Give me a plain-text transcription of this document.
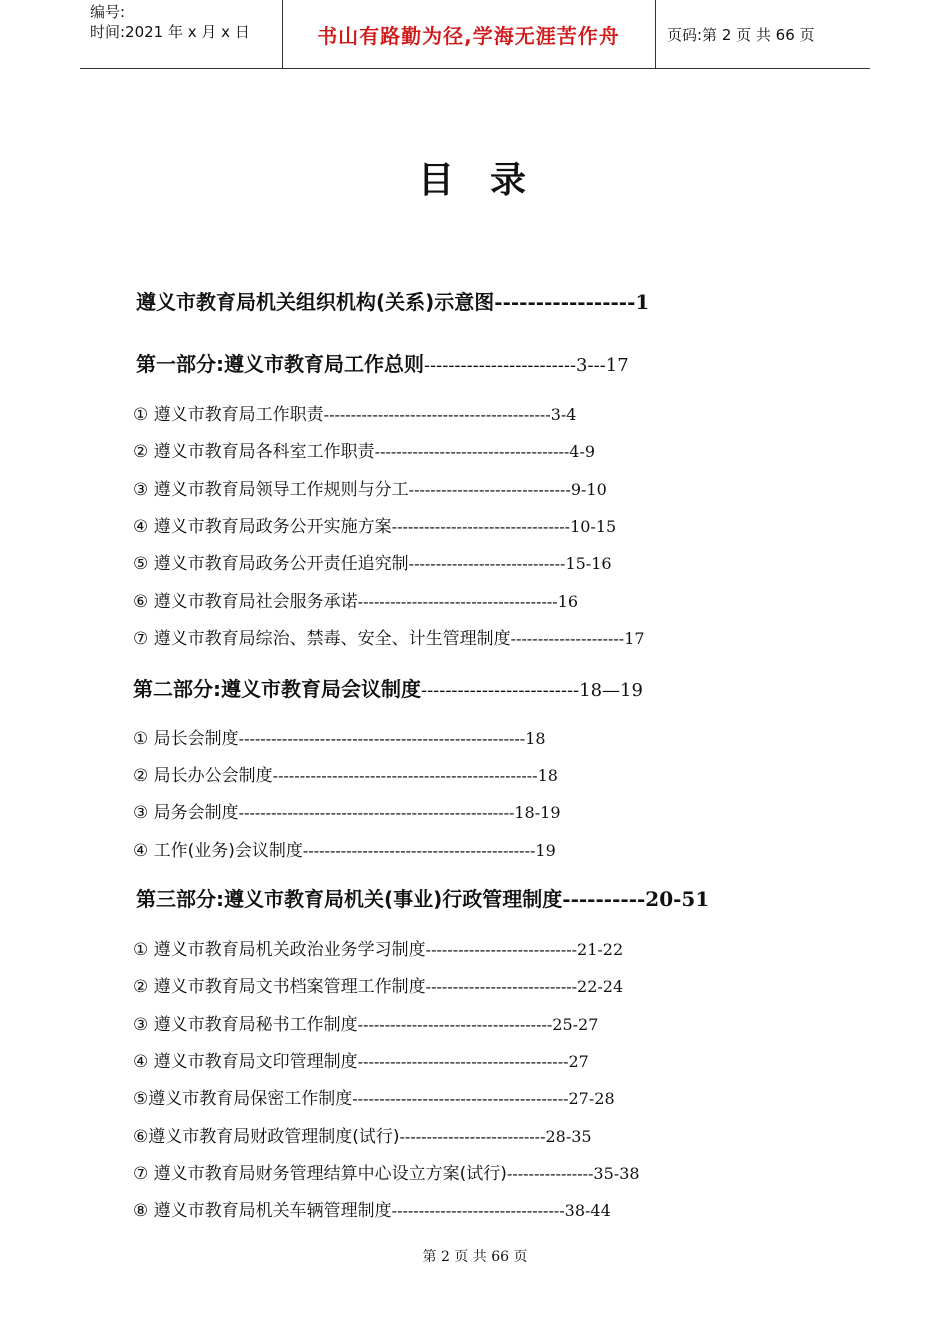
编号:
时间:2021 年 x 月 x 日	书山有路勤为径,学海无涯苦作舟	页码:第 2 页 共 66 页
目录
遵义市教育局机关组织机构(关系)示意图-----------------1
第一部分:遵义市教育局工作总则-------------------------3---17
① 遵义市教育局工作职责------------------------------------------3-4
② 遵义市教育局各科室工作职责------------------------------------4-9
③ 遵义市教育局领导工作规则与分工------------------------------9-10
④ 遵义市教育局政务公开实施方案---------------------------------10-15
⑤ 遵义市教育局政务公开责任追究制-----------------------------15-16
⑥ 遵义市教育局社会服务承诺-------------------------------------16
⑦ 遵义市教育局综治、禁毒、安全、计生管理制度---------------------17
第二部分:遵义市教育局会议制度--------------------------18—19
① 局长会制度-----------------------------------------------------18
② 局长办公会制度-------------------------------------------------18
③ 局务会制度---------------------------------------------------18-19
④ 工作(业务)会议制度-------------------------------------------19
第三部分:遵义市教育局机关(事业)行政管理制度----------20-51
① 遵义市教育局机关政治业务学习制度----------------------------21-22
② 遵义市教育局文书档案管理工作制度----------------------------22-24
③ 遵义市教育局秘书工作制度------------------------------------25-27
④ 遵义市教育局文印管理制度---------------------------------------27
⑤遵义市教育局保密工作制度----------------------------------------27-28
⑥遵义市教育局财政管理制度(试行)---------------------------28-35
⑦ 遵义市教育局财务管理结算中心设立方案(试行)----------------35-38
⑧ 遵义市教育局机关车辆管理制度--------------------------------38-44
第 2 页 共 66 页
